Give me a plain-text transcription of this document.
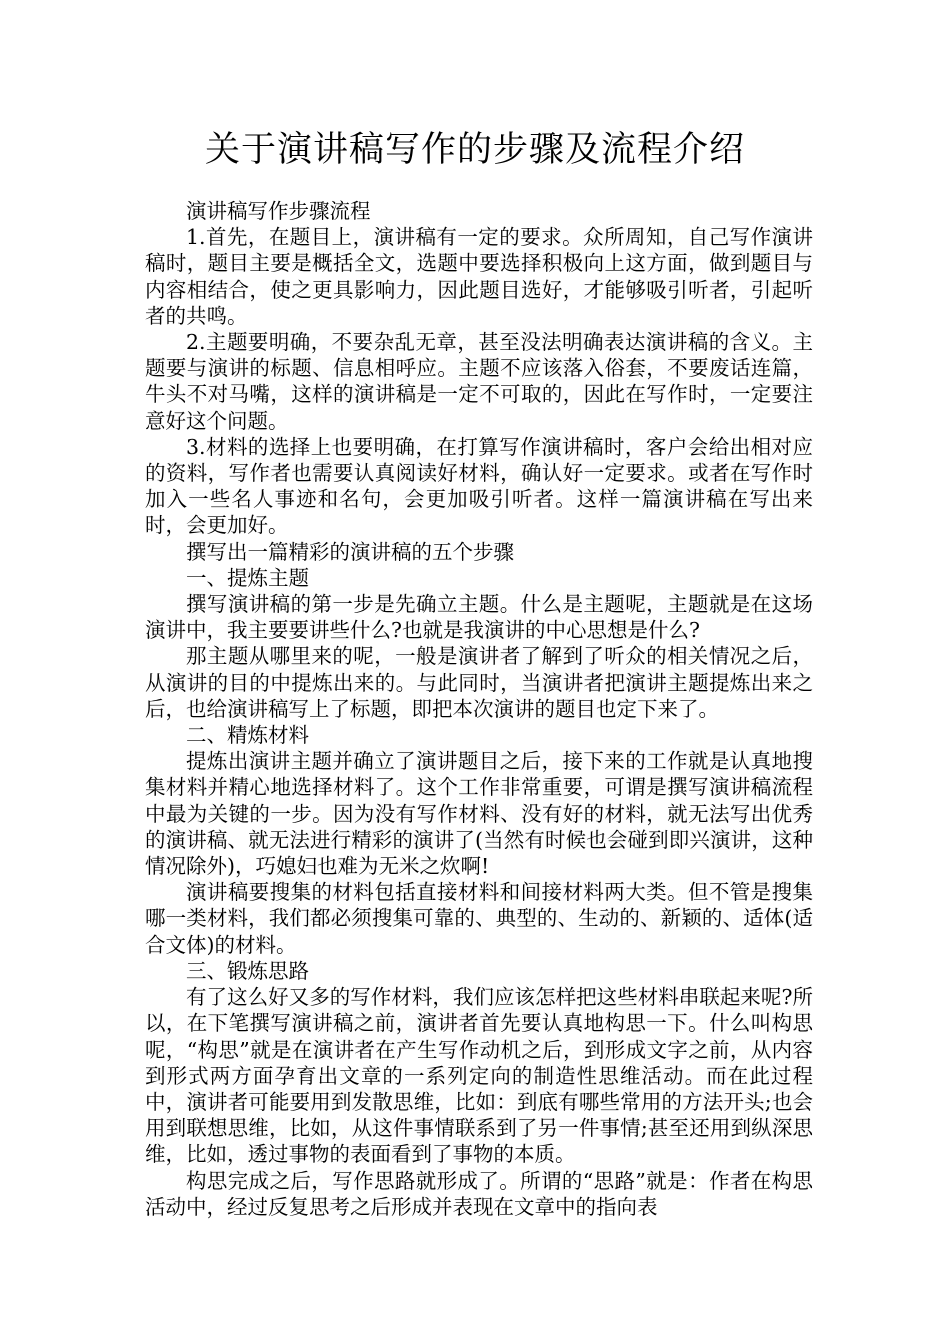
关于演讲稿写作的步骤及流程介绍

演讲稿写作步骤流程

1.首先，在题目上，演讲稿有一定的要求。众所周知，自己写作演讲稿时，题目主要是概括全文，选题中要选择积极向上这方面，做到题目与内容相结合，使之更具影响力，因此题目选好，才能够吸引听者，引起听者的共鸣。

2.主题要明确，不要杂乱无章，甚至没法明确表达演讲稿的含义。主题要与演讲的标题、信息相呼应。主题不应该落入俗套，不要废话连篇，牛头不对马嘴，这样的演讲稿是一定不可取的，因此在写作时，一定要注意好这个问题。

3.材料的选择上也要明确，在打算写作演讲稿时，客户会给出相对应的资料，写作者也需要认真阅读好材料，确认好一定要求。或者在写作时加入一些名人事迹和名句，会更加吸引听者。这样一篇演讲稿在写出来时，会更加好。

撰写出一篇精彩的演讲稿的五个步骤

一、提炼主题

撰写演讲稿的第一步是先确立主题。什么是主题呢，主题就是在这场演讲中，我主要要讲些什么?也就是我演讲的中心思想是什么?

那主题从哪里来的呢，一般是演讲者了解到了听众的相关情况之后，从演讲的目的中提炼出来的。与此同时，当演讲者把演讲主题提炼出来之后，也给演讲稿写上了标题，即把本次演讲的题目也定下来了。

二、精炼材料

提炼出演讲主题并确立了演讲题目之后，接下来的工作就是认真地搜集材料并精心地选择材料了。这个工作非常重要，可谓是撰写演讲稿流程中最为关键的一步。因为没有写作材料、没有好的材料，就无法写出优秀的演讲稿、就无法进行精彩的演讲了(当然有时候也会碰到即兴演讲，这种情况除外)，巧媳妇也难为无米之炊啊!

演讲稿要搜集的材料包括直接材料和间接材料两大类。但不管是搜集哪一类材料，我们都必须搜集可靠的、典型的、生动的、新颖的、适体(适合文体)的材料。

三、锻炼思路

有了这么好又多的写作材料，我们应该怎样把这些材料串联起来呢?所以，在下笔撰写演讲稿之前，演讲者首先要认真地构思一下。什么叫构思呢，“构思”就是在演讲者在产生写作动机之后，到形成文字之前，从内容到形式两方面孕育出文章的一系列定向的制造性思维活动。而在此过程中，演讲者可能要用到发散思维，比如：到底有哪些常用的方法开头;也会用到联想思维，比如，从这件事情联系到了另一件事情;甚至还用到纵深思维，比如，透过事物的表面看到了事物的本质。

构思完成之后，写作思路就形成了。所谓的“思路”就是：作者在构思活动中，经过反复思考之后形成并表现在文章中的指向表
